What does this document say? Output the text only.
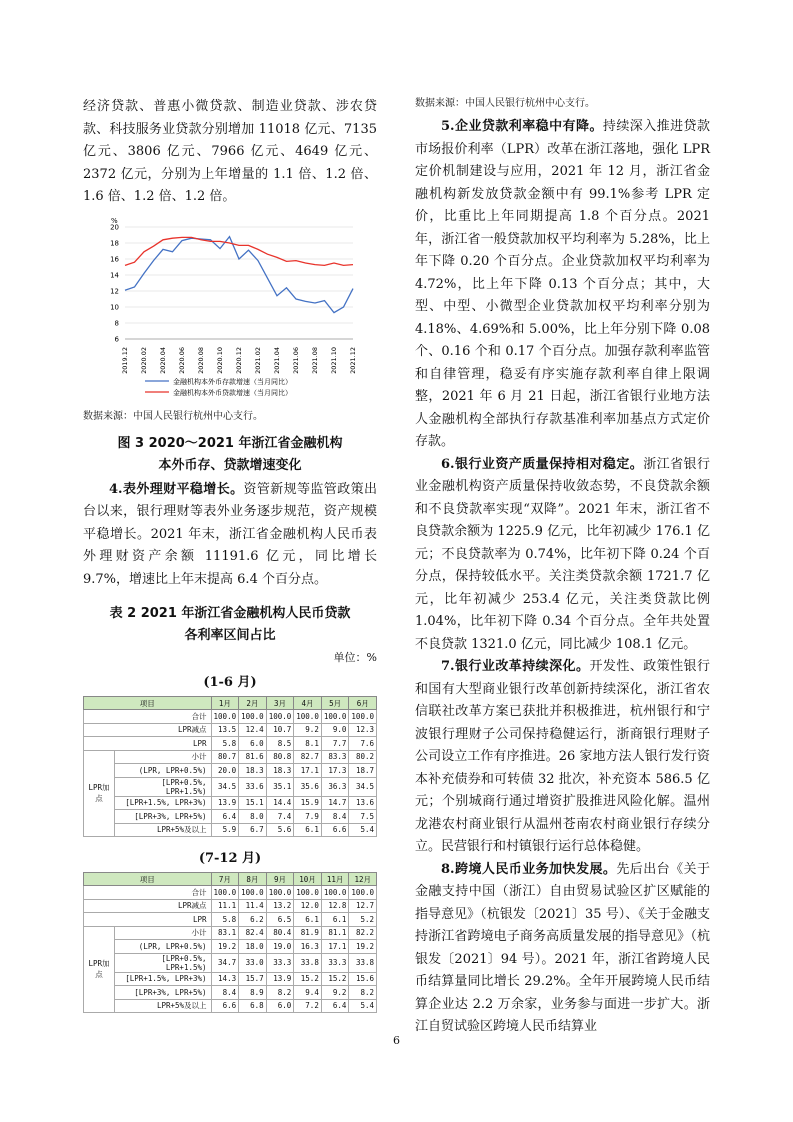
经济贷款、普惠小微贷款、制造业贷款、涉农贷款、科技服务业贷款分别增加 11018 亿元、7135 亿元、3806 亿元、7966 亿元、4649 亿元、2372 亿元，分别为上年增量的 1.1 倍、1.2 倍、1.6 倍、1.2 倍、1.2 倍。

6
8
10
12
14
16
18
20
2019.12 2020.02 2020.04 2020.06 2020.08 2020.10 2020.12 2021.02 2021.04 2021.06 2021.08 2021.10 2021.12
金融机构本外币存款增速（当月同比）
金融机构本外币贷款增速（当月同比）
%

数据来源：中国人民银行杭州中心支行。

图 3 2020～2021 年浙江省金融机构
本外币存、贷款增速变化

4.表外理财平稳增长。资管新规等监管政策出台以来，银行理财等表外业务逐步规范，资产规模平稳增长。2021 年末，浙江省金融机构人民币表外理财资产余额 11191.6 亿元，同比增长 9.7%，增速比上年末提高 6.4 个百分点。

表 2 2021 年浙江省金融机构人民币贷款
各利率区间占比
单位：%
(1-6 月)
项目		1月	2月	3月	4月	5月	6月
合计		100.0	100.0	100.0	100.0	100.0	100.0
LPR减点		13.5	12.4	10.7	9.2	9.0	12.3
LPR		5.8	6.0	8.5	8.1	7.7	7.6
LPR加点	小计	80.7	81.6	80.8	82.7	83.3	80.2
	(LPR, LPR+0.5%)	20.0	18.3	18.3	17.1	17.3	18.7
	[LPR+0.5%, LPR+1.5%)	34.5	33.6	35.1	35.6	36.3	34.5
	[LPR+1.5%, LPR+3%)	13.9	15.1	14.4	15.9	14.7	13.6
	[LPR+3%, LPR+5%)	6.4	8.0	7.4	7.9	8.4	7.5
	LPR+5%及以上	5.9	6.7	5.6	6.1	6.6	5.4
(7-12 月)
项目		7月	8月	9月	10月	11月	12月
合计		100.0	100.0	100.0	100.0	100.0	100.0
LPR减点		11.1	11.4	13.2	12.0	12.8	12.7
LPR		5.8	6.2	6.5	6.1	6.1	5.2
LPR加点	小计	83.1	82.4	80.4	81.9	81.1	82.2
	(LPR, LPR+0.5%)	19.2	18.0	19.0	16.3	17.1	19.2
	[LPR+0.5%, LPR+1.5%)	34.7	33.0	33.3	33.8	33.3	33.8
	[LPR+1.5%, LPR+3%)	14.3	15.7	13.9	15.2	15.2	15.6
	[LPR+3%, LPR+5%)	8.4	8.9	8.2	9.4	9.2	8.2
	LPR+5%及以上	6.6	6.8	6.0	7.2	6.4	5.4

数据来源：中国人民银行杭州中心支行。

5.企业贷款利率稳中有降。持续深入推进贷款市场报价利率（LPR）改革在浙江落地，强化 LPR 定价机制建设与应用，2021 年 12 月，浙江省金融机构新发放贷款金额中有 99.1%参考 LPR 定价，比重比上年同期提高 1.8 个百分点。2021 年，浙江省一般贷款加权平均利率为 5.28%，比上年下降 0.20 个百分点。企业贷款加权平均利率为 4.72%，比上年下降 0.13 个百分点；其中，大型、中型、小微型企业贷款加权平均利率分别为 4.18%、4.69%和 5.00%，比上年分别下降 0.08 个、0.16 个和 0.17 个百分点。加强存款利率监管和自律管理，稳妥有序实施存款利率自律上限调整，2021 年 6 月 21 日起，浙江省银行业地方法人金融机构全部执行存款基准利率加基点方式定价存款。

6.银行业资产质量保持相对稳定。浙江省银行业金融机构资产质量保持收敛态势，不良贷款余额和不良贷款率实现“双降”。2021 年末，浙江省不良贷款余额为 1225.9 亿元，比年初减少 176.1 亿元；不良贷款率为 0.74%，比年初下降 0.24 个百分点，保持较低水平。关注类贷款余额 1721.7 亿元，比年初减少 253.4 亿元，关注类贷款比例 1.04%，比年初下降 0.34 个百分点。全年共处置不良贷款 1321.0 亿元，同比减少 108.1 亿元。

7.银行业改革持续深化。开发性、政策性银行和国有大型商业银行改革创新持续深化，浙江省农信联社改革方案已获批并积极推进，杭州银行和宁波银行理财子公司保持稳健运行，浙商银行理财子公司设立工作有序推进。26 家地方法人银行发行资本补充债券和可转债 32 批次，补充资本 586.5 亿元；个别城商行通过增资扩股推进风险化解。温州龙港农村商业银行从温州苍南农村商业银行存续分立。民营银行和村镇银行运行总体稳健。

8.跨境人民币业务加快发展。先后出台《关于金融支持中国（浙江）自由贸易试验区扩区赋能的指导意见》（杭银发〔2021〕35 号）、《关于金融支持浙江省跨境电子商务高质量发展的指导意见》（杭银发〔2021〕94 号）。2021 年，浙江省跨境人民币结算量同比增长 29.2%。全年开展跨境人民币结算企业达 2.2 万余家，业务参与面进一步扩大。浙江自贸试验区跨境人民币结算业

6
